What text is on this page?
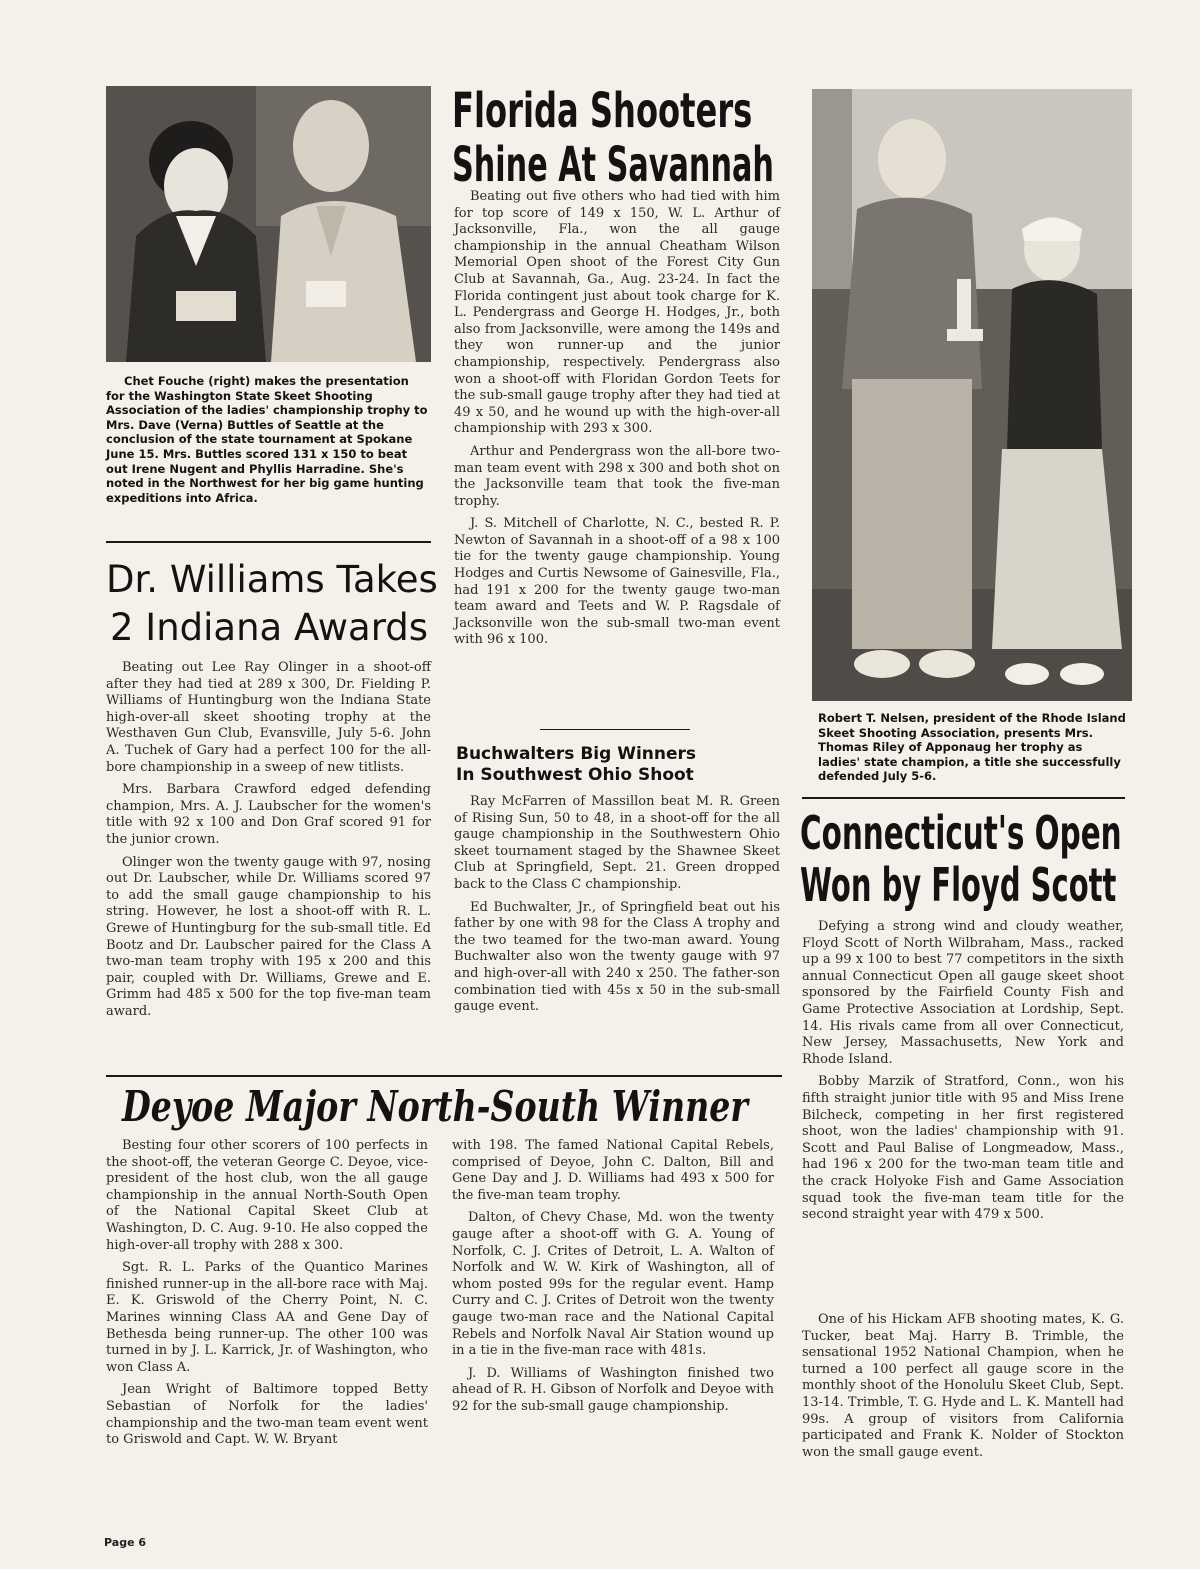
Chet Fouche (right) makes the presentation for the Washington State Skeet Shooting Association of the ladies' championship trophy to Mrs. Dave (Verna) Buttles of Seattle at the conclusion of the state tournament at Spokane June 15. Mrs. Buttles scored 131 x 150 to beat out Irene Nugent and Phyllis Harradine. She's noted in the Northwest for her big game hunting expeditions into Africa.

Dr. Williams Takes
2 Indiana Awards

Beating out Lee Ray Olinger in a shoot-off after they had tied at 289 x 300, Dr. Fielding P. Williams of Huntingburg won the Indiana State high-over-all skeet shooting trophy at the Westhaven Gun Club, Evansville, July 5-6. John A. Tuchek of Gary had a perfect 100 for the all-bore championship in a sweep of new titlists.

Mrs. Barbara Crawford edged defending champion, Mrs. A. J. Laubscher for the women's title with 92 x 100 and Don Graf scored 91 for the junior crown.

Olinger won the twenty gauge with 97, nosing out Dr. Laubscher, while Dr. Williams scored 97 to add the small gauge championship to his string. However, he lost a shoot-off with R. L. Grewe of Huntingburg for the sub-small title. Ed Bootz and Dr. Laubscher paired for the Class A two-man team trophy with 195 x 200 and this pair, coupled with Dr. Williams, Grewe and E. Grimm had 485 x 500 for the top five-man team award.

Florida Shooters
Shine At Savannah

Beating out five others who had tied with him for top score of 149 x 150, W. L. Arthur of Jacksonville, Fla., won the all gauge championship in the annual Cheatham Wilson Memorial Open shoot of the Forest City Gun Club at Savannah, Ga., Aug. 23-24. In fact the Florida contingent just about took charge for K. L. Pendergrass and George H. Hodges, Jr., both also from Jacksonville, were among the 149s and they won runner-up and the junior championship, respectively. Pendergrass also won a shoot-off with Floridan Gordon Teets for the sub-small gauge trophy after they had tied at 49 x 50, and he wound up with the high-over-all championship with 293 x 300.

Arthur and Pendergrass won the all-bore two-man team event with 298 x 300 and both shot on the Jacksonville team that took the five-man trophy.

J. S. Mitchell of Charlotte, N. C., bested R. P. Newton of Savannah in a shoot-off of a 98 x 100 tie for the twenty gauge championship. Young Hodges and Curtis Newsome of Gainesville, Fla., had 191 x 200 for the twenty gauge two-man team award and Teets and W. P. Ragsdale of Jacksonville won the sub-small two-man event with 96 x 100.

Buchwalters Big Winners
In Southwest Ohio Shoot

Ray McFarren of Massillon beat M. R. Green of Rising Sun, 50 to 48, in a shoot-off for the all gauge championship in the Southwestern Ohio skeet tournament staged by the Shawnee Skeet Club at Springfield, Sept. 21. Green dropped back to the Class C championship.

Ed Buchwalter, Jr., of Springfield beat out his father by one with 98 for the Class A trophy and the two teamed for the two-man award. Young Buchwalter also won the twenty gauge with 97 and high-over-all with 240 x 250. The father-son combination tied with 45s x 50 in the sub-small gauge event.

Robert T. Nelsen, president of the Rhode Island Skeet Shooting Association, presents Mrs. Thomas Riley of Apponaug her trophy as ladies' state champion, a title she successfully defended July 5-6.

Connecticut's Open
Won by Floyd Scott

Defying a strong wind and cloudy weather, Floyd Scott of North Wilbraham, Mass., racked up a 99 x 100 to best 77 competitors in the sixth annual Connecticut Open all gauge skeet shoot sponsored by the Fairfield County Fish and Game Protective Association at Lordship, Sept. 14. His rivals came from all over Connecticut, New Jersey, Massachusetts, New York and Rhode Island.

Bobby Marzik of Stratford, Conn., won his fifth straight junior title with 95 and Miss Irene Bilcheck, competing in her first registered shoot, won the ladies' championship with 91. Scott and Paul Balise of Longmeadow, Mass., had 196 x 200 for the two-man team title and the crack Holyoke Fish and Game Association squad took the five-man team title for the second straight year with 479 x 500.

One of his Hickam AFB shooting mates, K. G. Tucker, beat Maj. Harry B. Trimble, the sensational 1952 National Champion, when he turned a 100 perfect all gauge score in the monthly shoot of the Honolulu Skeet Club, Sept. 13-14. Trimble, T. G. Hyde and L. K. Mantell had 99s. A group of visitors from California participated and Frank K. Nolder of Stockton won the small gauge event.

Deyoe Major North-South Winner

Besting four other scorers of 100 perfects in the shoot-off, the veteran George C. Deyoe, vice-president of the host club, won the all gauge championship in the annual North-South Open of the National Capital Skeet Club at Washington, D. C. Aug. 9-10. He also copped the high-over-all trophy with 288 x 300.

Sgt. R. L. Parks of the Quantico Marines finished runner-up in the all-bore race with Maj. E. K. Griswold of the Cherry Point, N. C. Marines winning Class AA and Gene Day of Bethesda being runner-up. The other 100 was turned in by J. L. Karrick, Jr. of Washington, who won Class A.

Jean Wright of Baltimore topped Betty Sebastian of Norfolk for the ladies' championship and the two-man team event went to Griswold and Capt. W. W. Bryant

with 198. The famed National Capital Rebels, comprised of Deyoe, John C. Dalton, Bill and Gene Day and J. D. Williams had 493 x 500 for the five-man team trophy.

Dalton, of Chevy Chase, Md. won the twenty gauge after a shoot-off with G. A. Young of Norfolk, C. J. Crites of Detroit, L. A. Walton of Norfolk and W. W. Kirk of Washington, all of whom posted 99s for the regular event. Hamp Curry and C. J. Crites of Detroit won the twenty gauge two-man race and the National Capital Rebels and Norfolk Naval Air Station wound up in a tie in the five-man race with 481s.

J. D. Williams of Washington finished two ahead of R. H. Gibson of Norfolk and Deyoe with 92 for the sub-small gauge championship.

Page 6
